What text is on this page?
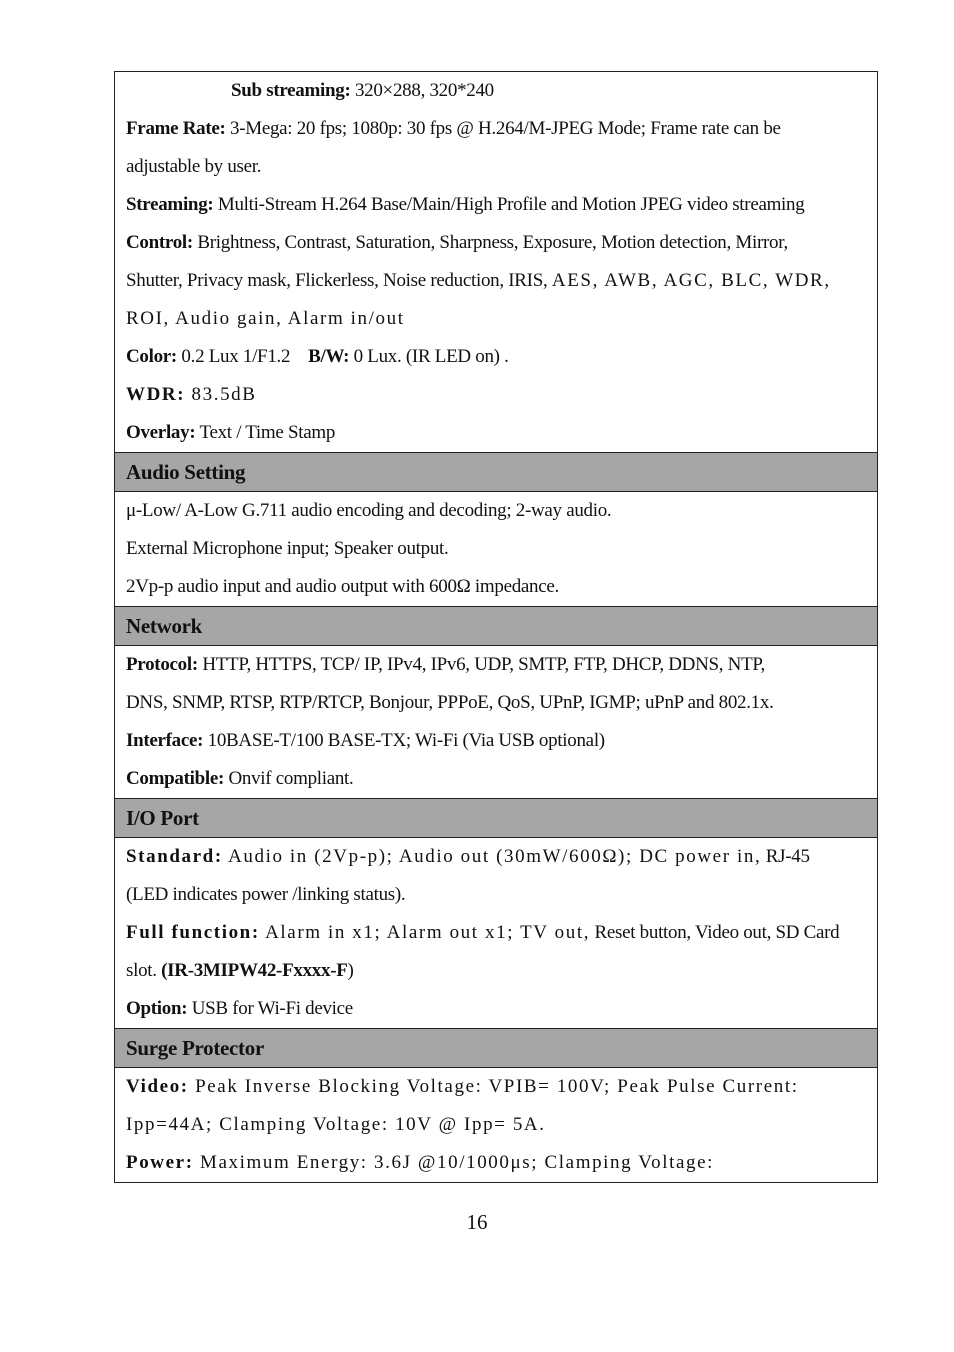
Sub streaming: 320×288, 320*240
Frame Rate: 3-Mega: 20 fps; 1080p: 30 fps @ H.264/M-JPEG Mode; Frame rate can be
adjustable by user.
Streaming: Multi-Stream H.264 Base/Main/High Profile and Motion JPEG video streaming
Control: Brightness, Contrast, Saturation, Sharpness, Exposure, Motion detection, Mirror,
Shutter, Privacy mask, Flickerless, Noise reduction, IRIS, AES, AWB, AGC, BLC, WDR,
ROI, Audio gain, Alarm in/out
Color: 0.2 Lux 1/F1.2 B/W: 0 Lux. (IR LED on) .
WDR: 83.5dB
Overlay: Text / Time Stamp
Audio Setting
μ-Low/ A-Low G.711 audio encoding and decoding; 2-way audio.
External Microphone input; Speaker output.
2Vp-p audio input and audio output with 600Ω impedance.
Network
Protocol: HTTP, HTTPS, TCP/ IP, IPv4, IPv6, UDP, SMTP, FTP, DHCP, DDNS, NTP,
DNS, SNMP, RTSP, RTP/RTCP, Bonjour, PPPoE, QoS, UPnP, IGMP; uPnP and 802.1x.
Interface: 10BASE-T/100 BASE-TX; Wi-Fi (Via USB optional)
Compatible: Onvif compliant.
I/O Port
Standard: Audio in (2Vp-p); Audio out (30mW/600Ω); DC power in, RJ-45
(LED indicates power /linking status).
Full function: Alarm in x1; Alarm out x1; TV out, Reset button, Video out, SD Card
slot. (IR-3MIPW42-Fxxxx-F)
Option: USB for Wi-Fi device
Surge Protector
Video: Peak Inverse Blocking Voltage: VPIB= 100V; Peak Pulse Current:
Ipp=44A; Clamping Voltage: 10V @ Ipp= 5A.
Power: Maximum Energy: 3.6J @10/1000μs; Clamping Voltage:
16
